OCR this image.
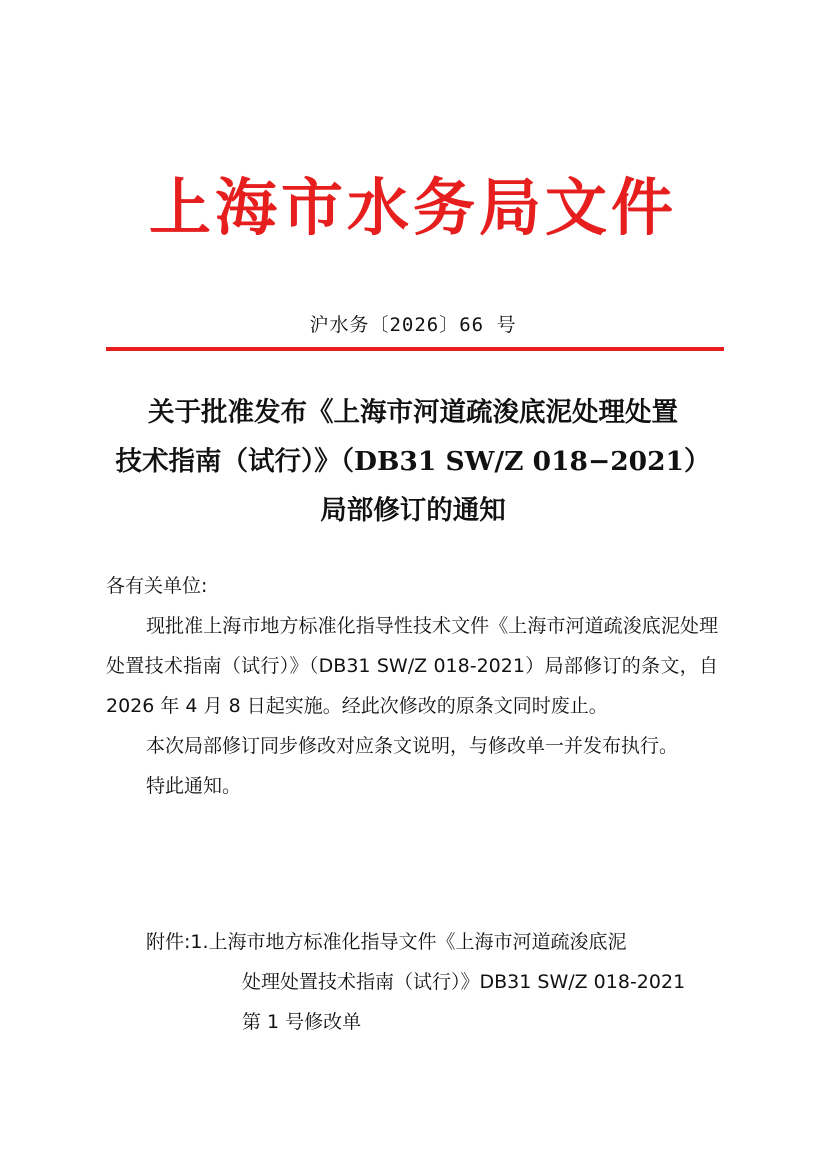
上海市水务局文件
沪水务〔2026〕66 号
关于批准发布《上海市河道疏浚底泥处理处置
技术指南（试行）》（DB31 SW/Z 018−2021）
局部修订的通知

各有关单位:

现批准上海市地方标准化指导性技术文件《上海市河道疏浚底泥处理处置技术指南（试行）》（DB31 SW/Z 018-2021）局部修订的条文，自 2026 年 4 月 8 日起实施。经此次修改的原条文同时废止。

本次局部修订同步修改对应条文说明，与修改单一并发布执行。

特此通知。

附件:1.上海市地方标准化指导文件《上海市河道疏浚底泥
处理处置技术指南（试行）》DB31 SW/Z 018-2021
第 1 号修改单
